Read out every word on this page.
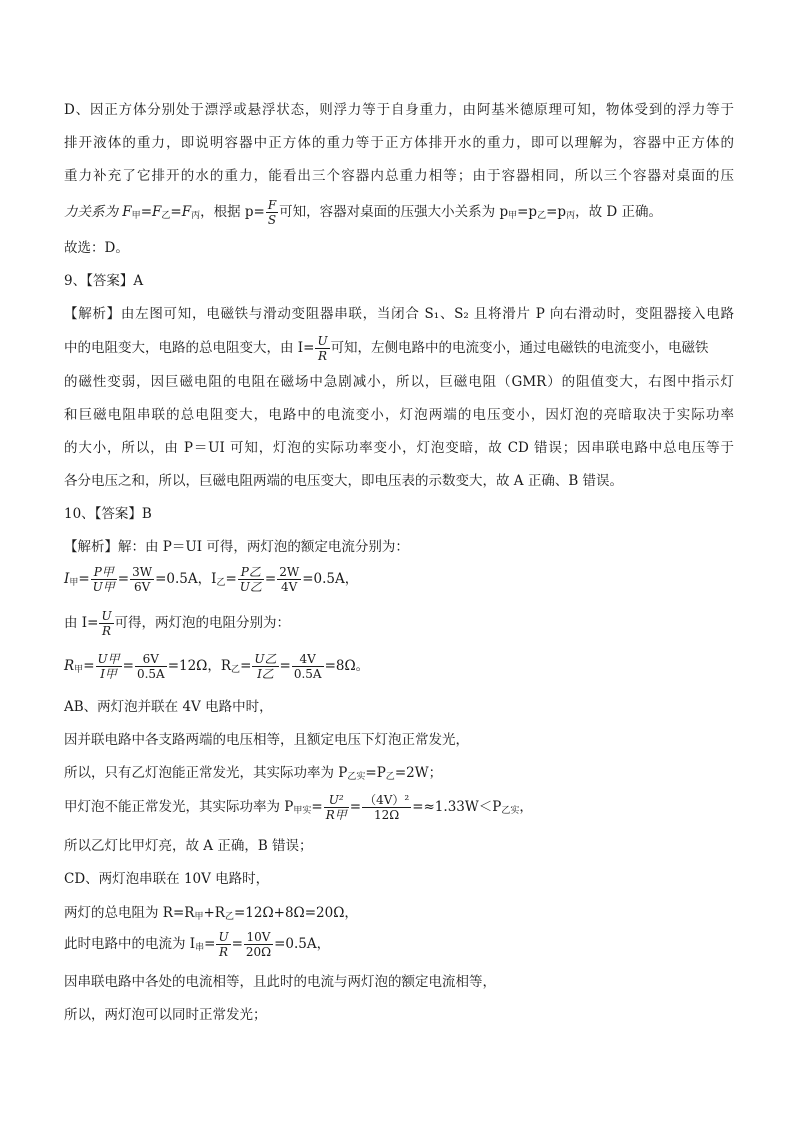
D、因正方体分别处于漂浮或悬浮状态，则浮力等于自身重力，由阿基米德原理可知，物体受到的浮力等于
排开液体的重力，即说明容器中正方体的重力等于正方体排开水的重力，即可以理解为，容器中正方体的
重力补充了它排开的水的重力，能看出三个容器内总重力相等；由于容器相同，所以三个容器对桌面的压
力关系为 $F_甲=F_乙=F_丙$，根据 $p= \frac{F}{S}$ 可知，容器对桌面的压强大小关系为 $p_甲=p_乙=p_丙$，故 D 正确。
故选：D。
9、【答案】A
【解析】由左图可知，电磁铁与滑动变阻器串联，当闭合 S₁、S₂ 且将滑片 P 向右滑动时，变阻器接入电路
中的电阻变大，电路的总电阻变大，由 $I= \frac{U}{R}$ 可知，左侧电路中的电流变小，通过电磁铁的电流变小，电磁铁
的磁性变弱，因巨磁电阻的电阻在磁场中急剧减小，所以，巨磁电阻（GMR）的阻值变大，右图中指示灯
和巨磁电阻串联的总电阻变大，电路中的电流变小，灯泡两端的电压变小，因灯泡的亮暗取决于实际功率
的大小，所以，由 P＝UI 可知，灯泡的实际功率变小，灯泡变暗，故 CD 错误；因串联电路中总电压等于
各分电压之和，所以，巨磁电阻两端的电压变大，即电压表的示数变大，故 A 正确、B 错误。
10、【答案】B
【解析】解：由 P＝UI 可得，两灯泡的额定电流分别为：
$I_甲= \frac{\text{P甲}}{\text{U甲}} = \frac{3W}{6V} =0.5A$，$I_乙= \frac{\text{P乙}}{\text{U乙}} = \frac{2W}{4V} =0.5A$，
由 $I= \frac{U}{R}$ 可得，两灯泡的电阻分别为：
$R_甲= \frac{\text{U甲}}{\text{I甲}} = \frac{6V}{0.5A} =12\Omega$，$R_乙= \frac{\text{U乙}}{\text{I乙}} = \frac{4V}{0.5A} =8\Omega$。
AB、两灯泡并联在 4V 电路中时，
因并联电路中各支路两端的电压相等，且额定电压下灯泡正常发光，
所以，只有乙灯泡能正常发光，其实际功率为 $P_{乙实}=P_乙=2W$；
甲灯泡不能正常发光，其实际功率为 $P_{甲实}= \frac{\text{U²}}{\text{R甲}} = \frac{\text{（4V）²}}{12\Omega} =\approx 1.33W<P_{乙实}$，
所以乙灯比甲灯亮，故 A 正确，B 错误；
CD、两灯泡串联在 10V 电路时，
两灯的总电阻为 $R=R_甲+R_乙=12\Omega+8\Omega=20\Omega$，
此时电路中的电流为 $I_串= \frac{U}{R} = \frac{10V}{20\Omega} =0.5A$，
因串联电路中各处的电流相等，且此时的电流与两灯泡的额定电流相等，
所以，两灯泡可以同时正常发光；
